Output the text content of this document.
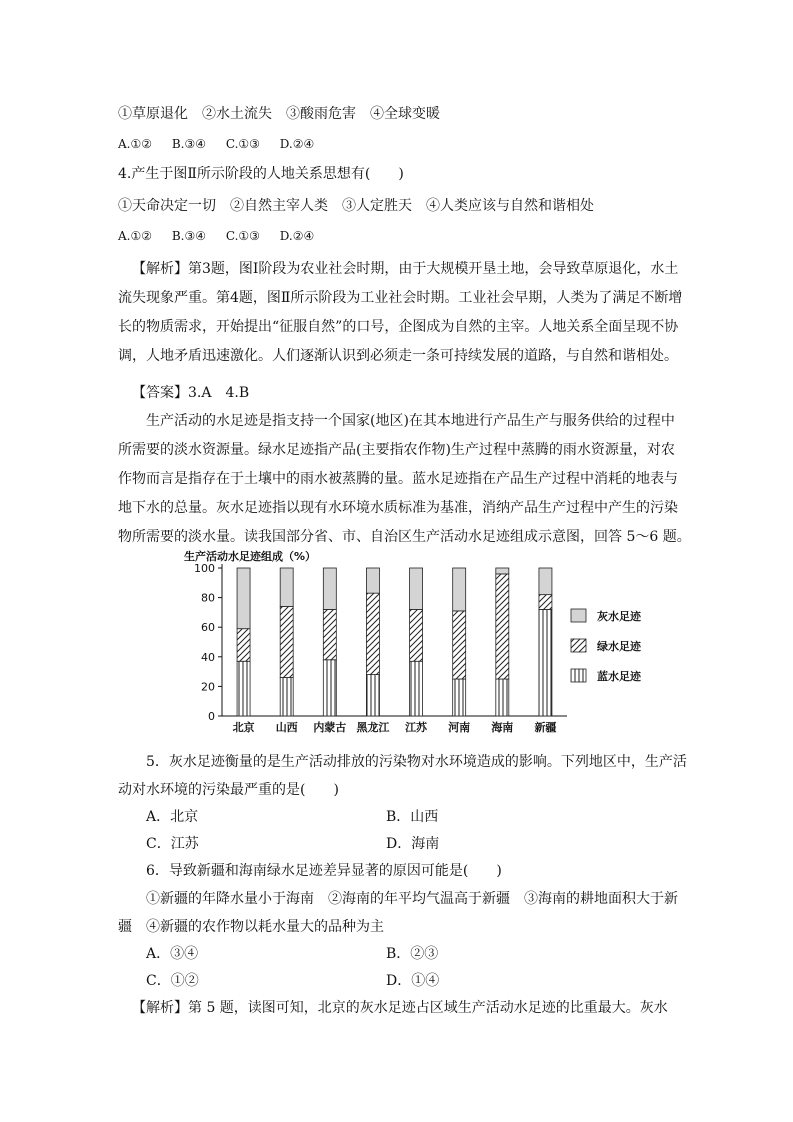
①草原退化　②水土流失　③酸雨危害　④全球变暖
A.①② B.③④ C.①③ D.②④
4.产生于图Ⅱ所示阶段的人地关系思想有(　　)
①天命决定一切　②自然主宰人类　③人定胜天　④人类应该与自然和谐相处
A.①② B.③④ C.①③ D.②④
【解析】第3题，图Ⅰ阶段为农业社会时期，由于大规模开垦土地，会导致草原退化，水土
流失现象严重。第4题，图Ⅱ所示阶段为工业社会时期。工业社会早期，人类为了满足不断增
长的物质需求，开始提出“征服自然”的口号，企图成为自然的主宰。人地关系全面呈现不协
调，人地矛盾迅速激化。人们逐渐认识到必须走一条可持续发展的道路，与自然和谐相处。
【答案】3.A　4.B
生产活动的水足迹是指支持一个国家(地区)在其本地进行产品生产与服务供给的过程中
所需要的淡水资源量。绿水足迹指产品(主要指农作物)生产过程中蒸腾的雨水资源量，对农
作物而言是指存在于土壤中的雨水被蒸腾的量。蓝水足迹指在产品生产过程中消耗的地表与
地下水的总量。灰水足迹指以现有水环境水质标准为基准，消纳产品生产过程中产生的污染
物所需要的淡水量。读我国部分省、市、自治区生产活动水足迹组成示意图，回答 5～6 题。
生产活动水足迹组成（%）
0
20
40
60
80
100
北京 山西 内蒙古 黑龙江 江苏 河南 海南 新疆
灰水足迹
绿水足迹
蓝水足迹
5．灰水足迹衡量的是生产活动排放的污染物对水环境造成的影响。下列地区中，生产活
动对水环境的污染最严重的是(　　)
A．北京	B．山西
C．江苏	D．海南
6．导致新疆和海南绿水足迹差异显著的原因可能是(　　)
①新疆的年降水量小于海南　②海南的年平均气温高于新疆　③海南的耕地面积大于新
疆　④新疆的农作物以耗水量大的品种为主
A．③④	B．②③
C．①②	D．①④
【解析】第 5 题，读图可知，北京的灰水足迹占区域生产活动水足迹的比重最大。灰水
